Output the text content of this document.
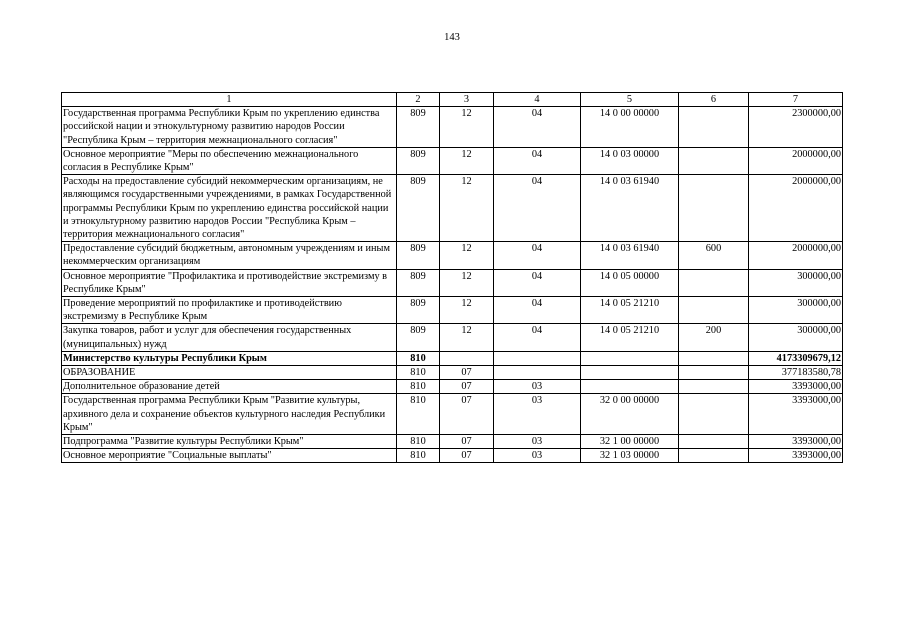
143
1	2	3	4	5	6	7
Государственная программа Республики Крым по укреплению единства российской нации и этнокультурному развитию народов России "Республика Крым – территория межнационального согласия"	809	12	04	14 0 00 00000		2300000,00
Основное мероприятие "Меры по обеспечению межнационального согласия в Республике Крым"	809	12	04	14 0 03 00000		2000000,00
Расходы на предоставление субсидий некоммерческим организациям, не являющимся государственными учреждениями, в рамках Государственной программы Республики Крым по укреплению единства российской нации и этнокультурному развитию народов России "Республика Крым – территория межнационального согласия"	809	12	04	14 0 03 61940		2000000,00
Предоставление субсидий бюджетным, автономным учреждениям и иным некоммерческим организациям	809	12	04	14 0 03 61940	600	2000000,00
Основное мероприятие "Профилактика и противодействие экстремизму в Республике Крым"	809	12	04	14 0 05 00000		300000,00
Проведение мероприятий по профилактике и противодействию экстремизму в Республике Крым	809	12	04	14 0 05 21210		300000,00
Закупка товаров, работ и услуг для обеспечения государственных (муниципальных) нужд	809	12	04	14 0 05 21210	200	300000,00
Министерство культуры Республики Крым	810					4173309679,12
ОБРАЗОВАНИЕ	810	07				377183580,78
Дополнительное образование детей	810	07	03			3393000,00
Государственная программа Республики Крым "Развитие культуры, архивного дела и сохранение объектов культурного наследия Республики Крым"	810	07	03	32 0 00 00000		3393000,00
Подпрограмма "Развитие культуры Республики Крым"	810	07	03	32 1 00 00000		3393000,00
Основное мероприятие "Социальные выплаты"	810	07	03	32 1 03 00000		3393000,00
